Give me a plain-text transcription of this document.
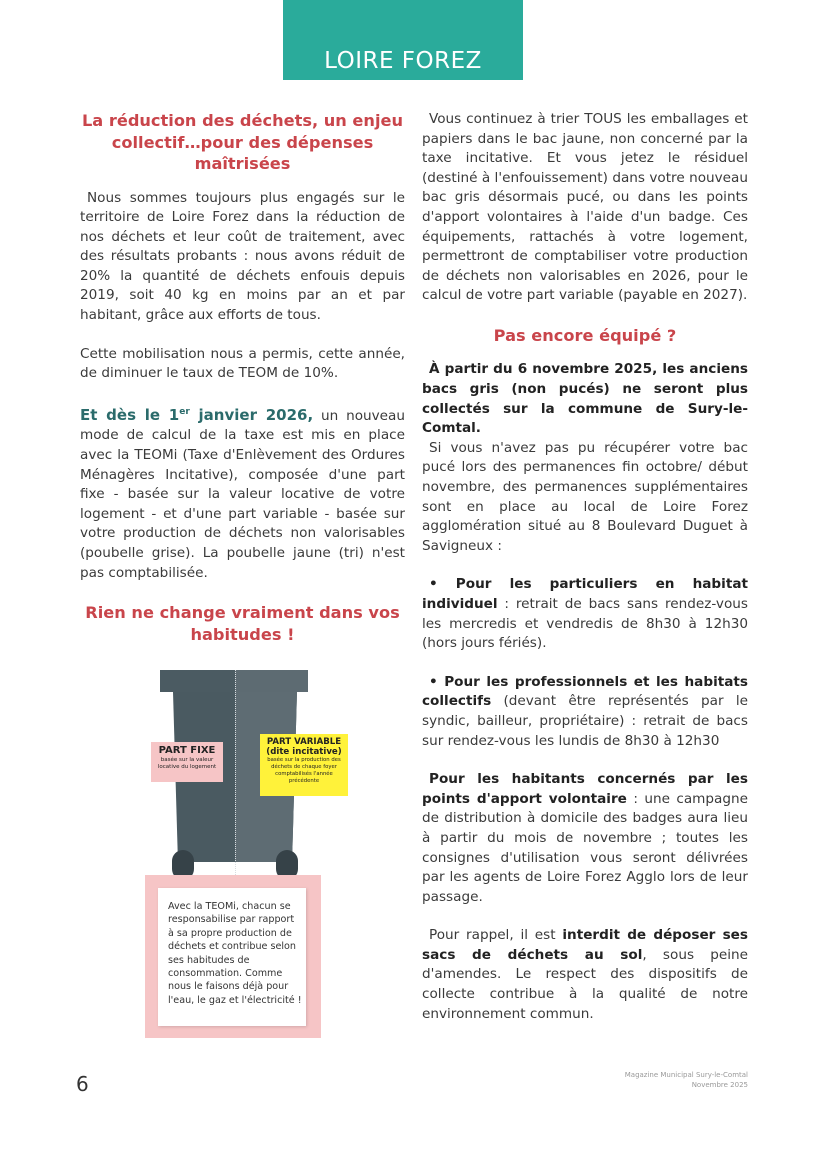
LOIRE FOREZ
La réduction des déchets, un enjeu collectif…pour des dépenses maîtrisées

Nous sommes toujours plus engagés sur le territoire de Loire Forez dans la réduction de nos déchets et leur coût de traitement, avec des résultats probants : nous avons réduit de 20% la quantité de déchets enfouis depuis 2019, soit 40 kg en moins par an et par habitant, grâce aux efforts de tous.

Cette mobilisation nous a permis, cette année, de diminuer le taux de TEOM de 10%.

Et dès le 1er janvier 2026, un nouveau mode de calcul de la taxe est mis en place avec la TEOMi (Taxe d'Enlèvement des Ordures Ménagères Incitative), composée d'une part fixe - basée sur la valeur locative de votre logement - et d'une part variable - basée sur votre production de déchets non valorisables (poubelle grise). La poubelle jaune (tri) n'est pas comptabilisée.

Rien ne change vraiment dans vos habitudes !
PART FIXE
basée sur la valeur locative du logement
PART VARIABLE
(dite incitative)
basée sur la production des déchets de chaque foyer comptabilisés l'année précédente
Avec la TEOMi, chacun se responsabilise par rapport à sa propre production de déchets et contribue selon ses habitudes de consommation. Comme nous le faisons déjà pour l'eau, le gaz et l'électricité !

Vous continuez à trier TOUS les emballages et papiers dans le bac jaune, non concerné par la taxe incitative. Et vous jetez le résiduel (destiné à l'enfouissement) dans votre nouveau bac gris désormais pucé, ou dans les points d'apport volontaires à l'aide d'un badge. Ces équipements, rattachés à votre logement, permettront de comptabiliser votre production de déchets non valorisables en 2026, pour le calcul de votre part variable (payable en 2027).

Pas encore équipé ?

À partir du 6 novembre 2025, les anciens bacs gris (non pucés) ne seront plus collectés sur la commune de Sury-le-Comtal.

Si vous n'avez pas pu récupérer votre bac pucé lors des permanences fin octobre/ début novembre, des permanences supplémentaires sont en place au local de Loire Forez agglomération situé au 8 Boulevard Duguet à Savigneux :

• Pour les particuliers en habitat individuel : retrait de bacs sans rendez-vous les mercredis et vendredis de 8h30 à 12h30 (hors jours fériés).

• Pour les professionnels et les habitats collectifs (devant être représentés par le syndic, bailleur, propriétaire) : retrait de bacs sur rendez-vous les lundis de 8h30 à 12h30

Pour les habitants concernés par les points d'apport volontaire : une campagne de distribution à domicile des badges aura lieu à partir du mois de novembre ; toutes les consignes d'utilisation vous seront délivrées par les agents de Loire Forez Agglo lors de leur passage.

Pour rappel, il est interdit de déposer ses sacs de déchets au sol, sous peine d'amendes. Le respect des dispositifs de collecte contribue à la qualité de notre environnement commun.

6	Magazine Municipal Sury-le-Comtal
Novembre 2025
